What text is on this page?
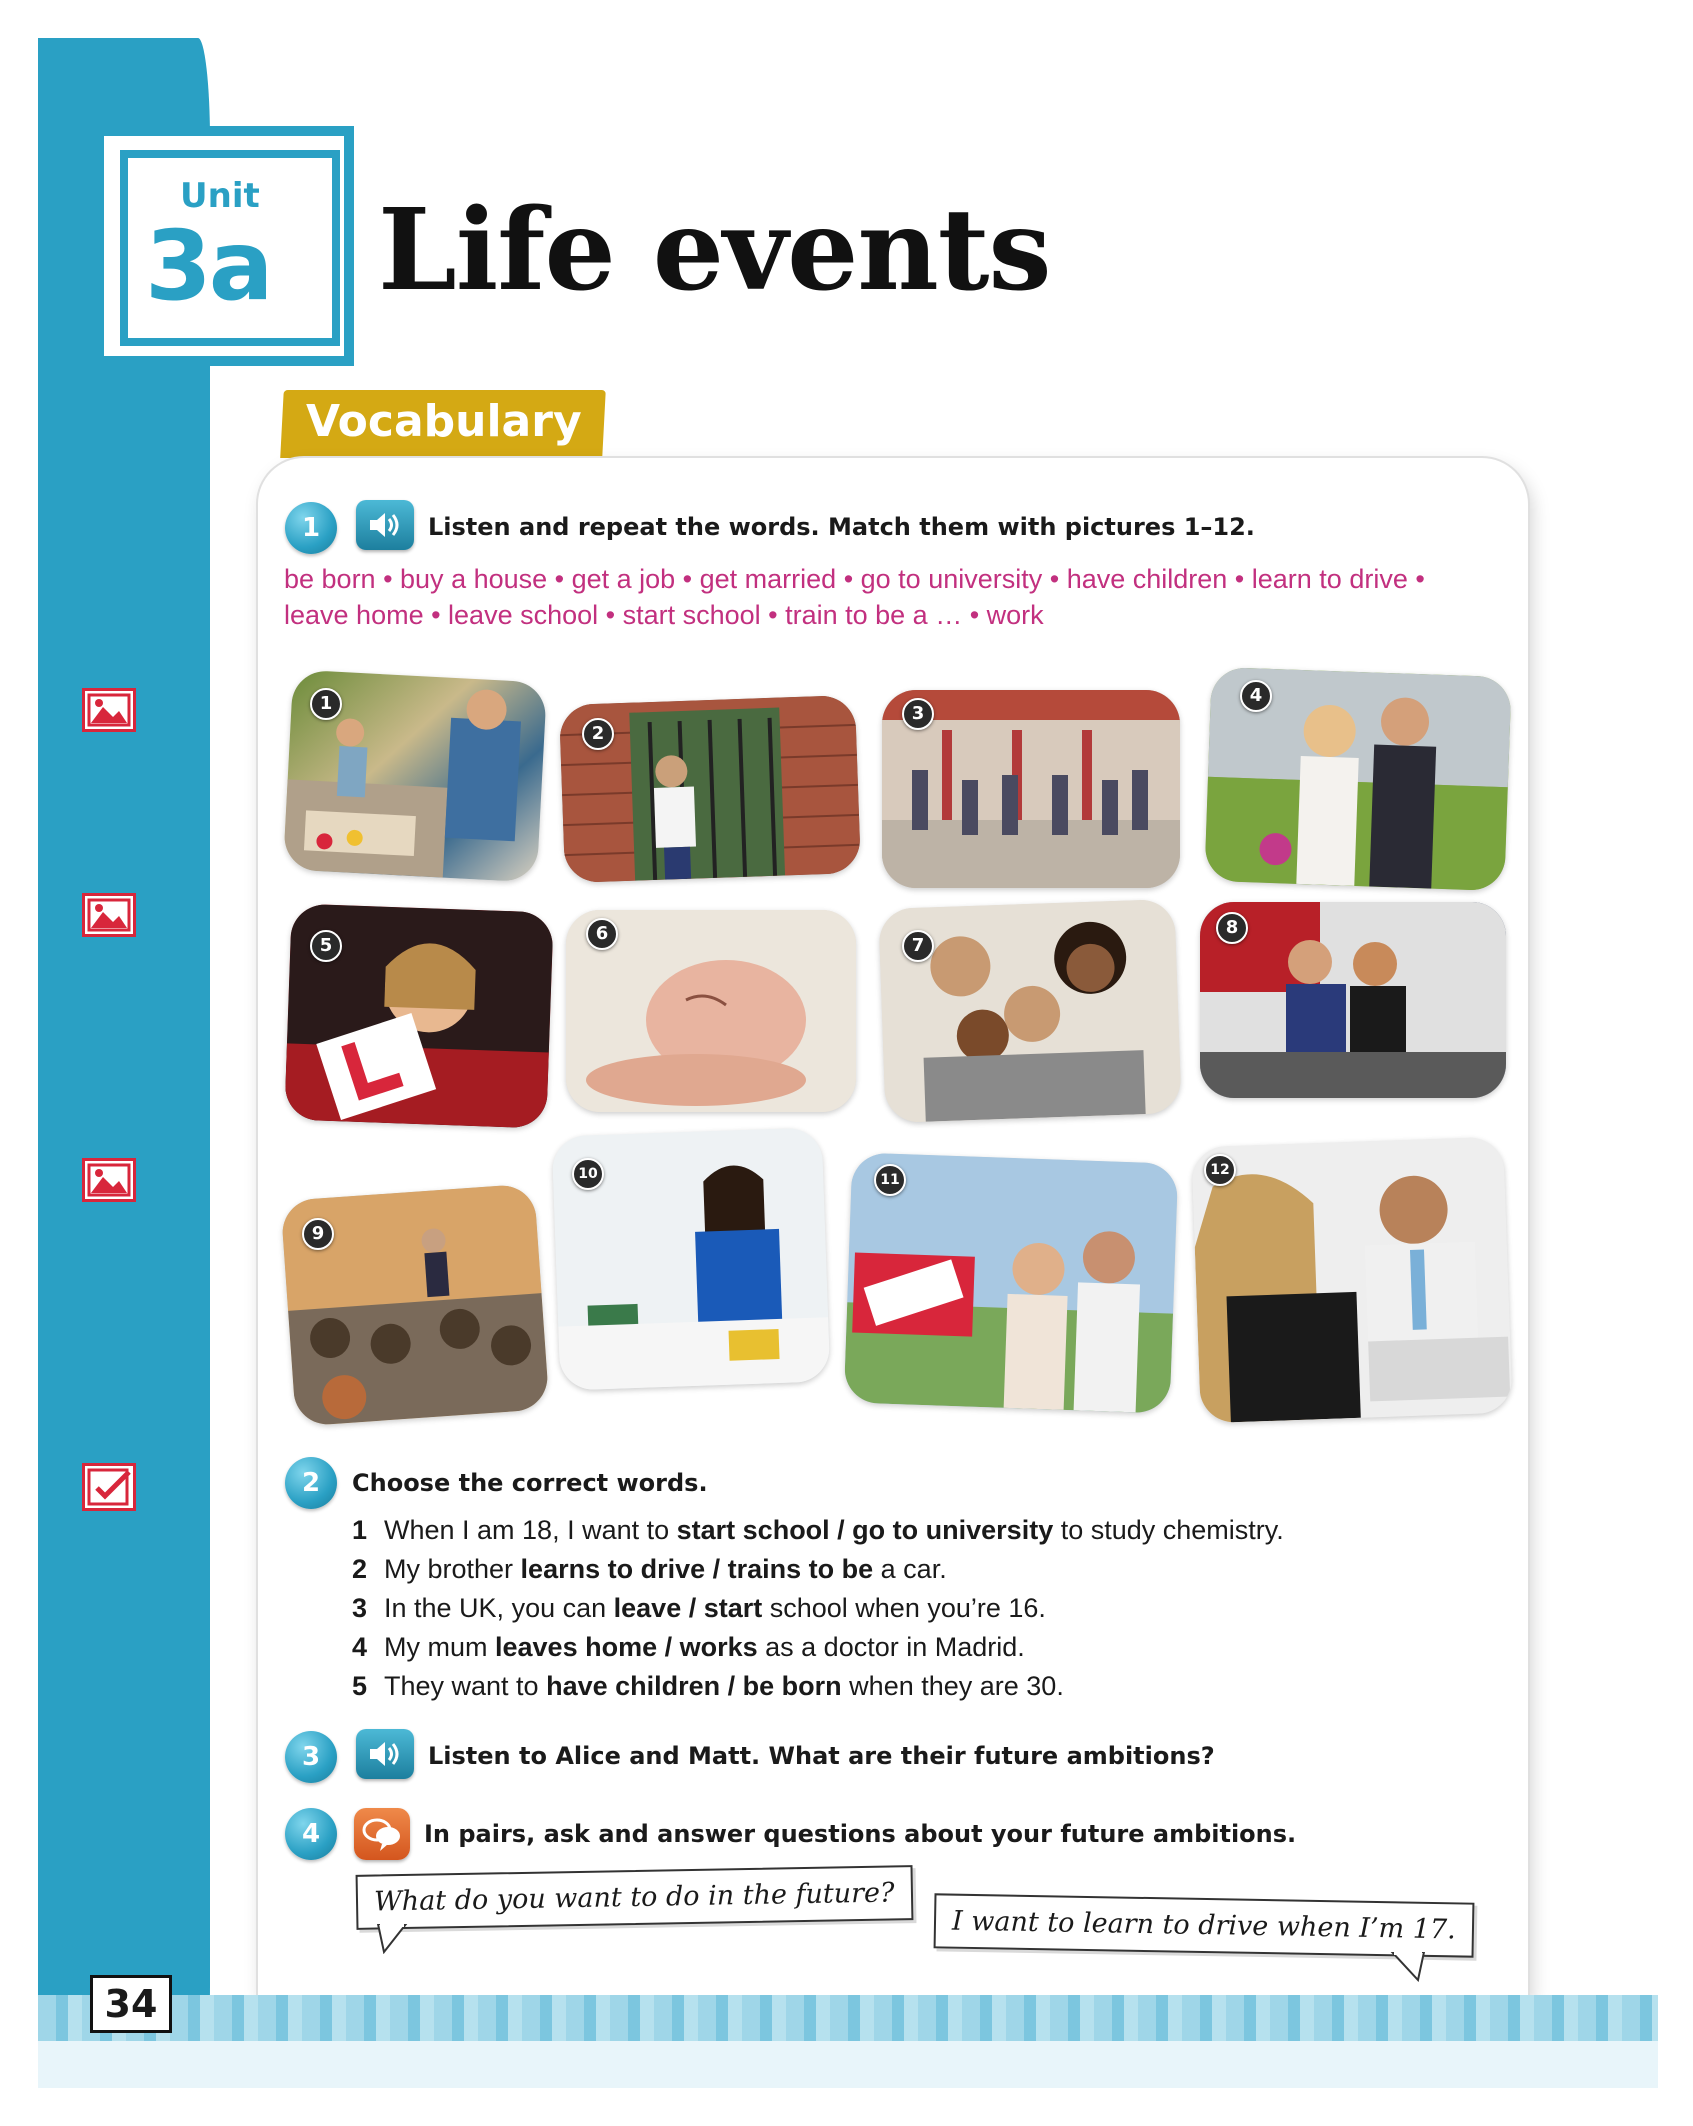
Unit
3a Life events
Vocabulary
1	Listen and repeat the words. Match them with pictures 1–12.
be born • buy a house • get a job • get married • go to university • have children • learn to drive •
leave home • leave school • start school • train to be a … • work
1
2
3
4
5
6
7
8
9
10	11
12
2	Choose the correct words.
1 When I am 18, I want to start school / go to university to study chemistry.
2 My brother learns to drive / trains to be a car.
3 In the UK, you can leave / start school when you’re 16.
4 My mum leaves home / works as a doctor in Madrid.
5 They want to have children / be born when they are 30.
3	Listen to Alice and Matt. What are their future ambitions?
4	In pairs, ask and answer questions about your future ambitions.
What do you want to do in the future?
I want to learn to drive when I’m 17.
34
